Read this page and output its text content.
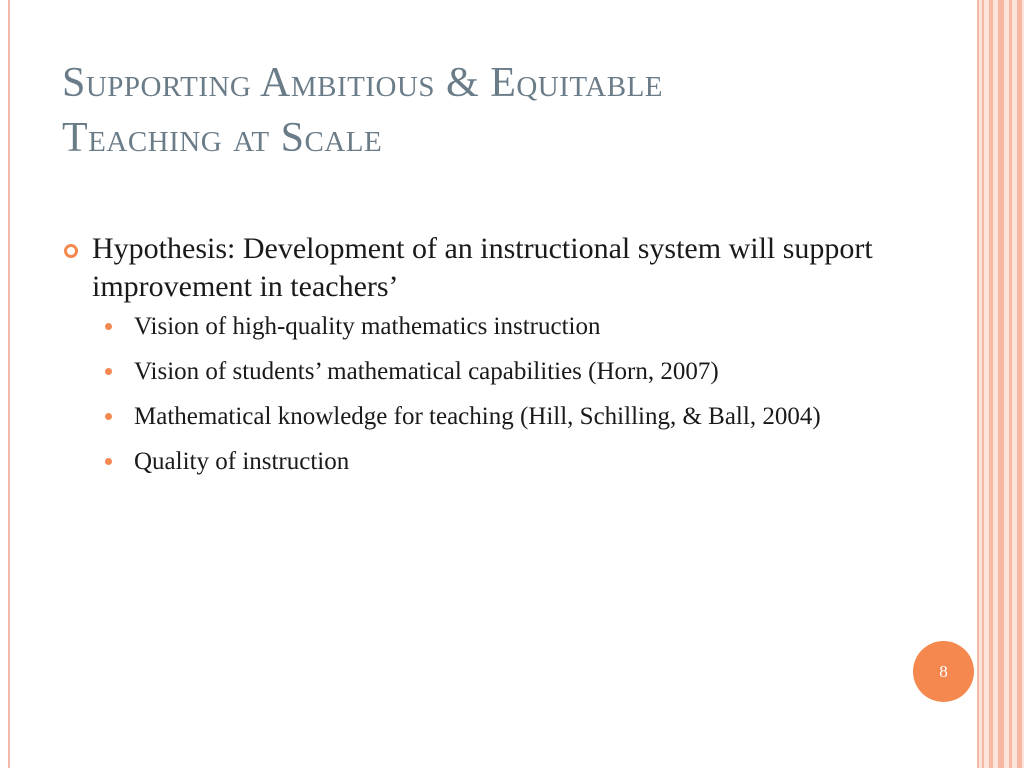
Supporting Ambitious & Equitable
Teaching at Scale
Hypothesis: Development of an instructional system will support improvement in teachers’
Vision of high-quality mathematics instruction
Vision of students’ mathematical capabilities (Horn, 2007)
Mathematical knowledge for teaching (Hill, Schilling, & Ball, 2004)
Quality of instruction
8
